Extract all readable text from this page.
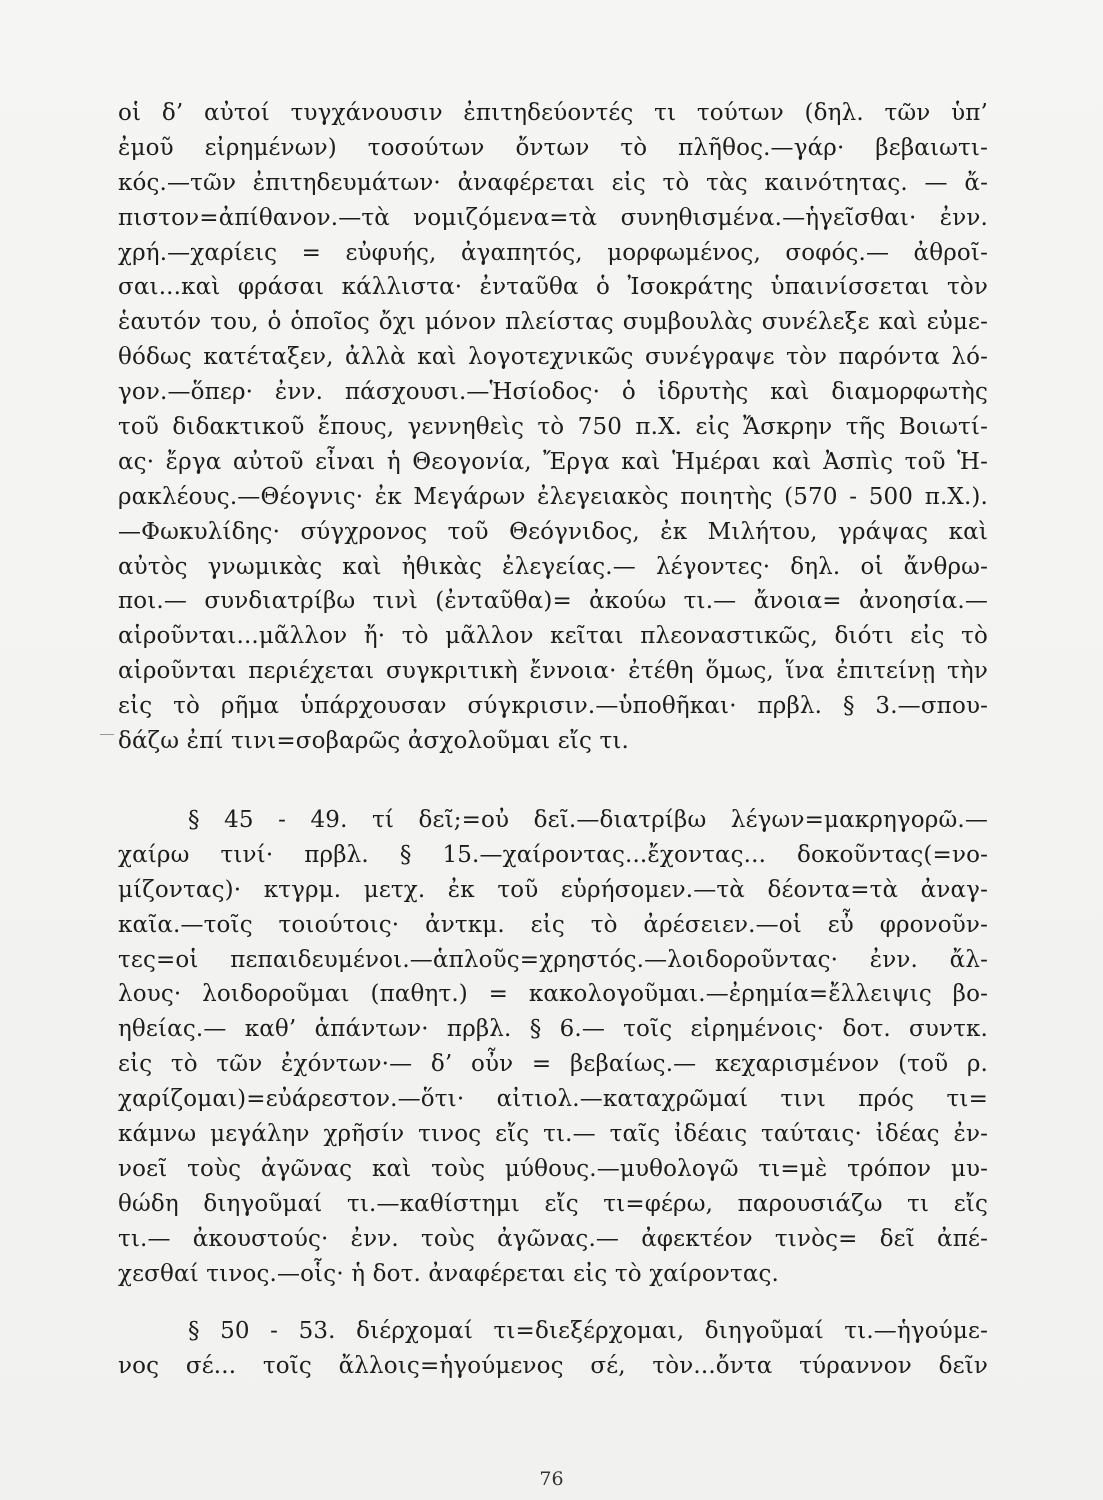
οἱ δ’ αὐτοί τυγχάνουσιν ἐπιτηδεύοντές τι τούτων (δηλ. τῶν ὑπ’
ἐμοῦ εἰρημένων) τοσούτων ὄντων τὸ πλῆθος.—γάρ· βεβαιωτι-
κός.—τῶν ἐπιτηδευμάτων· ἀναφέρεται εἰς τὸ τὰς καινότητας. — ἄ-
πιστον=ἀπίθανον.—τὰ νομιζόμενα=τὰ συνηθισμένα.—ἡγεῖσθαι· ἐνν.
χρή.—χαρίεις = εὐφυής, ἀγαπητός, μορφωμένος, σοφός.— ἀθροῖ-
σαι...καὶ φράσαι κάλλιστα· ἐνταῦθα ὁ Ἰσοκράτης ὑπαινίσσεται τὸν
ἑαυτόν του, ὁ ὁποῖος ὄχι μόνον πλείστας συμβουλὰς συνέλεξε καὶ εὐμε-
θόδως κατέταξεν, ἀλλὰ καὶ λογοτεχνικῶς συνέγραψε τὸν παρόντα λό-
γον.—ὅπερ· ἐνν. πάσχουσι.—Ἡσίοδος· ὁ ἱδρυτὴς καὶ διαμορφωτὴς
τοῦ διδακτικοῦ ἔπους, γεννηθεὶς τὸ 750 π.Χ. εἰς Ἄσκρην τῆς Βοιωτί-
ας· ἔργα αὐτοῦ εἶναι ἡ Θεογονία, Ἔργα καὶ Ἡμέραι καὶ Ἀσπὶς τοῦ Ἡ-
ρακλέους.—Θέογνις· ἐκ Μεγάρων ἐλεγειακὸς ποιητὴς (570 - 500 π.Χ.).
—Φωκυλίδης· σύγχρονος τοῦ Θεόγνιδος, ἐκ Μιλήτου, γράψας καὶ
αὐτὸς γνωμικὰς καὶ ἠθικὰς ἐλεγείας.— λέγοντες· δηλ. οἱ ἄνθρω-
ποι.— συνδιατρίβω τινὶ (ἐνταῦθα)= ἀκούω τι.— ἄνοια= ἀνοησία.—
αἱροῦνται...μᾶλλον ἤ· τὸ μᾶλλον κεῖται πλεοναστικῶς, διότι εἰς τὸ
αἱροῦνται περιέχεται συγκριτικὴ ἔννοια· ἐτέθη ὅμως, ἵνα ἐπιτείνῃ τὴν
εἰς τὸ ρῆμα ὑπάρχουσαν σύγκρισιν.—ὑποθῆκαι· πρβλ. § 3.—σπου-
δάζω ἐπί τινι=σοβαρῶς ἀσχολοῦμαι εἴς τι.
§ 45 - 49. τί δεῖ;=οὐ δεῖ.—διατρίβω λέγων=μακρηγορῶ.—
χαίρω τινί· πρβλ. § 15.—χαίροντας...ἔχοντας... δοκοῦντας(=νο-
μίζοντας)· κτγρμ. μετχ. ἐκ τοῦ εὑρήσομεν.—τὰ δέοντα=τὰ ἀναγ-
καῖα.—τοῖς τοιούτοις· ἀντκμ. εἰς τὸ ἀρέσειεν.—οἱ εὖ φρονοῦν-
τες=οἱ πεπαιδευμένοι.—ἁπλοῦς=χρηστός.—λοιδοροῦντας· ἐνν. ἄλ-
λους· λοιδοροῦμαι (παθητ.) = κακολογοῦμαι.—ἐρημία=ἔλλειψις βο-
ηθείας.— καθ’ ἁπάντων· πρβλ. § 6.— τοῖς εἰρημένοις· δοτ. συντκ.
εἰς τὸ τῶν ἐχόντων·— δ’ οὖν = βεβαίως.— κεχαρισμένον (τοῦ ρ.
χαρίζομαι)=εὐάρεστον.—ὅτι· αἰτιολ.—καταχρῶμαί τινι πρός τι=
κάμνω μεγάλην χρῆσίν τινος εἴς τι.— ταῖς ἰδέαις ταύταις· ἰδέας ἐν-
νοεῖ τοὺς ἀγῶνας καὶ τοὺς μύθους.—μυθολογῶ τι=μὲ τρόπον μυ-
θώδη διηγοῦμαί τι.—καθίστημι εἴς τι=φέρω, παρουσιάζω τι εἴς
τι.— ἀκουστούς· ἐνν. τοὺς ἀγῶνας.— ἀφεκτέον τινὸς= δεῖ ἀπέ-
χεσθαί τινος.—οἷς· ἡ δοτ. ἀναφέρεται εἰς τὸ χαίροντας.
§ 50 - 53. διέρχομαί τι=διεξέρχομαι, διηγοῦμαί τι.—ἡγούμε-
νος σέ... τοῖς ἄλλοις=ἡγούμενος σέ, τὸν...ὄντα τύραννον δεῖν
76
